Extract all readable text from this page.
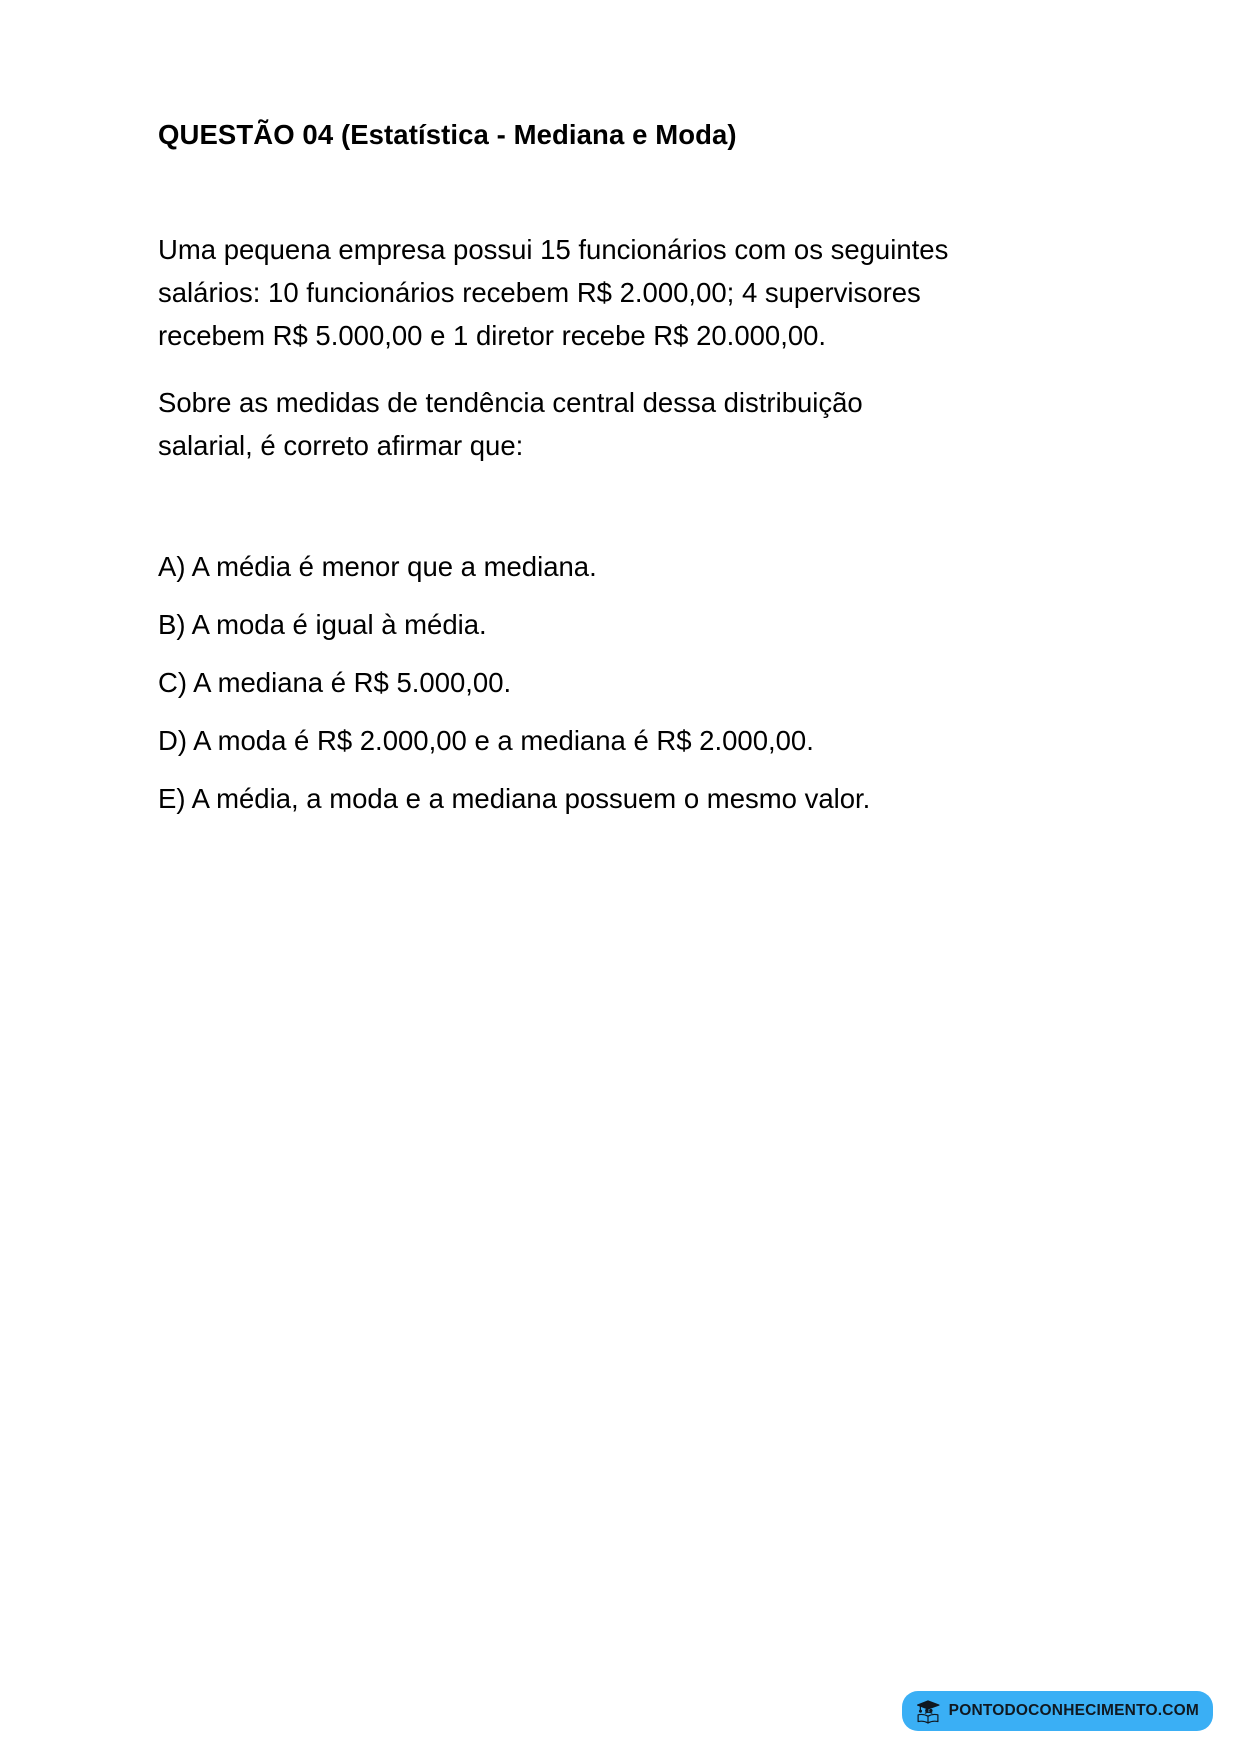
QUESTÃO 04 (Estatística - Mediana e Moda)

Uma pequena empresa possui 15 funcionários com os seguintes salários: 10 funcionários recebem R$ 2.000,00; 4 supervisores recebem R$ 5.000,00 e 1 diretor recebe R$ 20.000,00.

Sobre as medidas de tendência central dessa distribuição salarial, é correto afirmar que:

A) A média é menor que a mediana.
B) A moda é igual à média.
C) A mediana é R$ 5.000,00.
D) A moda é R$ 2.000,00 e a mediana é R$ 2.000,00.
E) A média, a moda e a mediana possuem o mesmo valor.
PONTODOCONHECIMENTO.COM
